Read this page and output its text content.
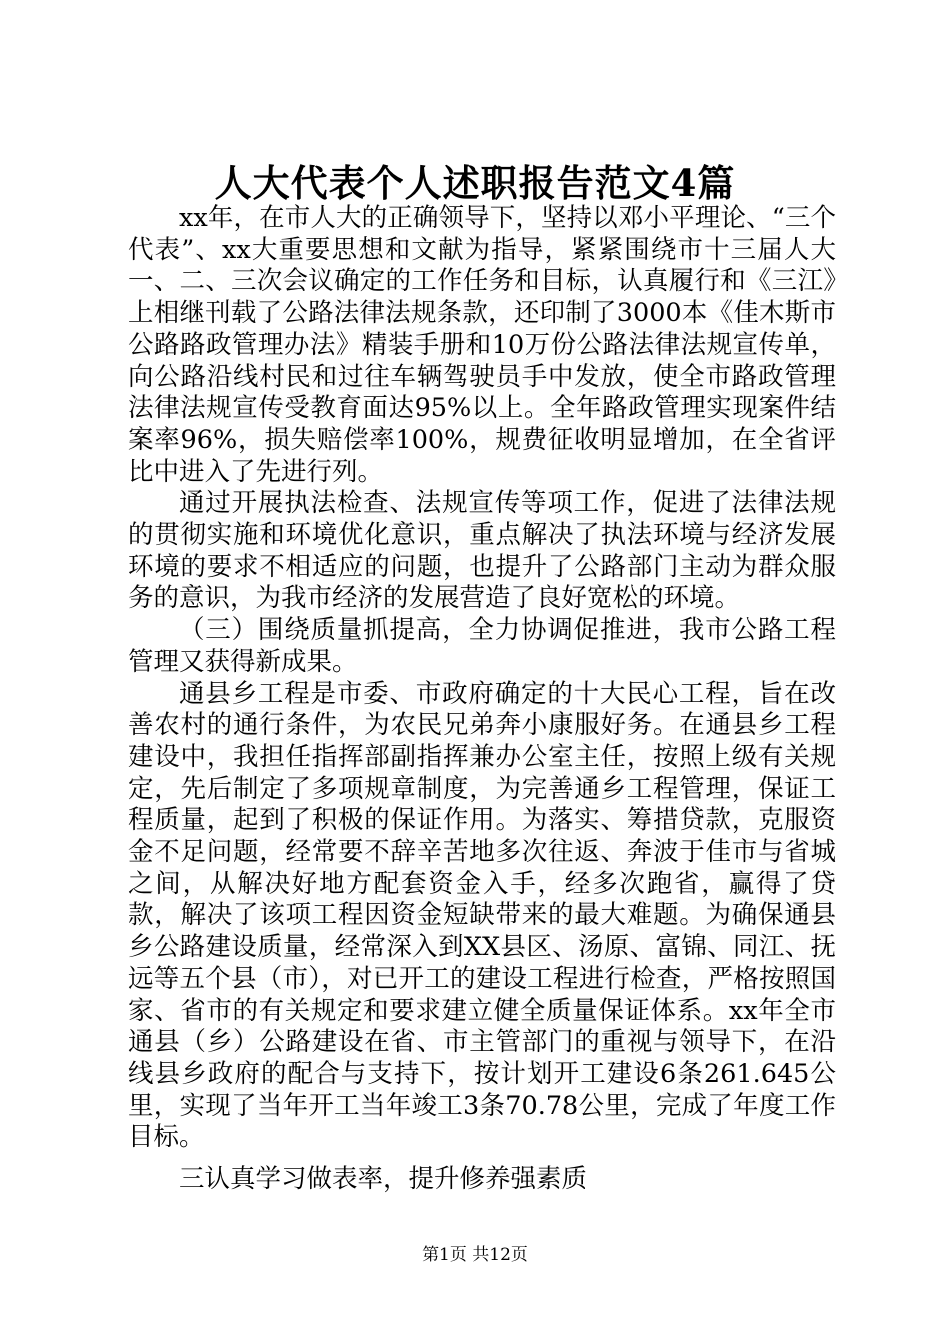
人大代表个人述职报告范文4篇

xx年，在市人大的正确领导下，坚持以邓小平理论、“三个代表”、xx大重要思想和文献为指导，紧紧围绕市十三届人大一、二、三次会议确定的工作任务和目标，认真履行和《三江》上相继刊载了公路法律法规条款，还印制了3000本《佳木斯市公路路政管理办法》精装手册和10万份公路法律法规宣传单，向公路沿线村民和过往车辆驾驶员手中发放，使全市路政管理法律法规宣传受教育面达95%以上。全年路政管理实现案件结案率96%，损失赔偿率100%，规费征收明显增加，在全省评比中进入了先进行列。

通过开展执法检查、法规宣传等项工作，促进了法律法规的贯彻实施和环境优化意识，重点解决了执法环境与经济发展环境的要求不相适应的问题，也提升了公路部门主动为群众服务的意识，为我市经济的发展营造了良好宽松的环境。

（三）围绕质量抓提高，全力协调促推进，我市公路工程管理又获得新成果。

通县乡工程是市委、市政府确定的十大民心工程，旨在改善农村的通行条件，为农民兄弟奔小康服好务。在通县乡工程建设中，我担任指挥部副指挥兼办公室主任，按照上级有关规定，先后制定了多项规章制度，为完善通乡工程管理，保证工程质量，起到了积极的保证作用。为落实、筹措贷款，克服资金不足问题，经常要不辞辛苦地多次往返、奔波于佳市与省城之间，从解决好地方配套资金入手，经多次跑省，赢得了贷款，解决了该项工程因资金短缺带来的最大难题。为确保通县乡公路建设质量，经常深入到XX县区、汤原、富锦、同江、抚远等五个县（市），对已开工的建设工程进行检查，严格按照国家、省市的有关规定和要求建立健全质量保证体系。xx年全市通县（乡）公路建设在省、市主管部门的重视与领导下，在沿线县乡政府的配合与支持下，按计划开工建设6条261.645公里，实现了当年开工当年竣工3条70.78公里，完成了年度工作目标。

三认真学习做表率，提升修养强素质

第1页 共12页
